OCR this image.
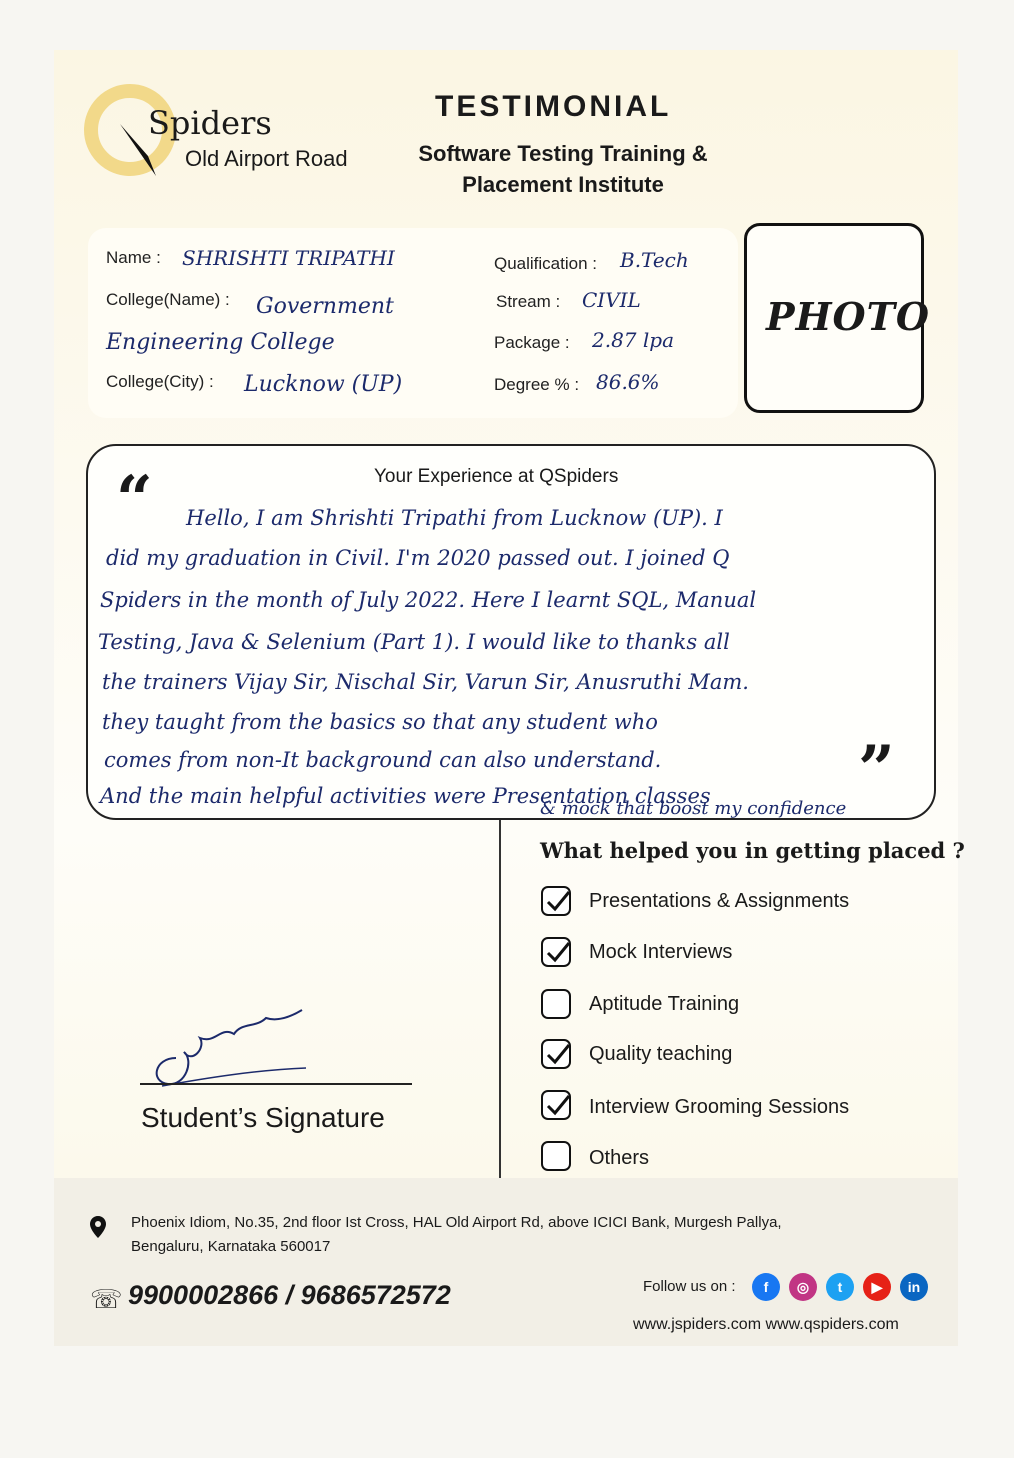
Spiders
Old Airport Road
TESTIMONIAL
Software Testing Training & Placement Institute
Name : SHRISHTI TRIPATHI
College(Name) : Government
Engineering College
College(City) : Lucknow (UP)
Qualification : B.Tech
Stream : CIVIL
Package : 2.87 lpa
Degree % : 86.6%
PHOTO
“	Your Experience at QSpiders
Hello, I am Shrishti Tripathi from Lucknow (UP). I
did my graduation in Civil. I'm 2020 passed out. I joined Q
Spiders in the month of July 2022. Here I learnt SQL, Manual
Testing, Java & Selenium (Part 1). I would like to thanks all
the trainers Vijay Sir, Nischal Sir, Varun Sir, Anusruthi Mam.
they taught from the basics so that any student who
comes from non-It background can also understand.
And the main helpful activities were Presentation classes
& mock that boost my confidence
”
What helped you in getting placed ?
Presentations & Assignments
Mock Interviews
Aptitude Training
Quality teaching
Interview Grooming Sessions
Others
Student’s Signature
Phoenix Idiom, No.35, 2nd floor Ist Cross, HAL Old Airport Rd, above ICICI Bank, Murgesh Pallya, Bengaluru, Karnataka 560017
☏ 9900002866 / 9686572572	Follow us on :	f	◎	t	▶	in
www.jspiders.com www.qspiders.com
